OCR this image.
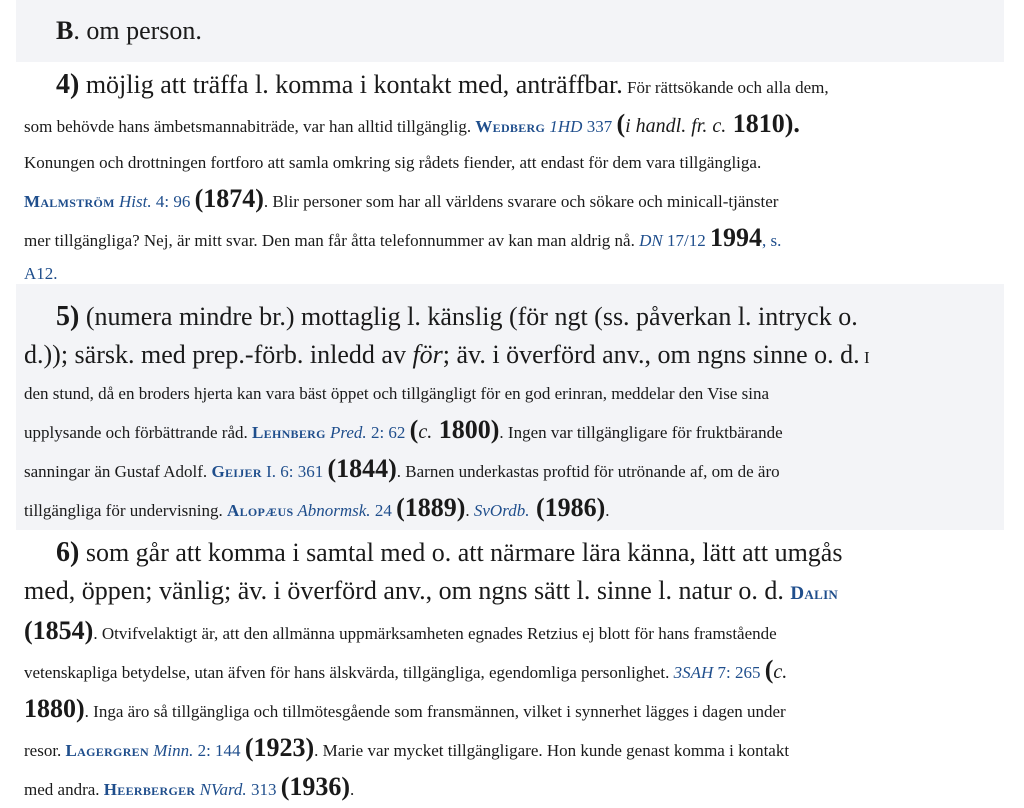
B. om person.
4) möjlig att träffa l. komma i kontakt med, anträffbar. För rättsökande och alla dem,
som behövde hans ämbetsmannabiträde, var han alltid tillgänglig. Wedberg 1HD 337 (i handl. fr. c. 1810).
Konungen och drottningen fortforo att samla omkring sig rådets fiender, att endast för dem vara tillgängliga.
Malmström Hist. 4: 96 (1874). Blir personer som har all världens svarare och sökare och minicall-tjänster
mer tillgängliga? Nej, är mitt svar. Den man får åtta telefonnummer av kan man aldrig nå. DN 17/12 1994, s.
A12.
5) (numera mindre br.) mottaglig l. känslig (för ngt (ss. påverkan l. intryck o.
d.)); särsk. med prep.-förb. inledd av för; äv. i överförd anv., om ngns sinne o. d. I
den stund, då en broders hjerta kan vara bäst öppet och tillgängligt för en god erinran, meddelar den Vise sina
upplysande och förbättrande råd. Lehnberg Pred. 2: 62 (c. 1800). Ingen var tillgängligare för fruktbärande
sanningar än Gustaf Adolf. Geijer I. 6: 361 (1844). Barnen underkastas proftid för utrönande af, om de äro
tillgängliga för undervisning. Alopæus Abnormsk. 24 (1889). SvOrdb. (1986).
6) som går att komma i samtal med o. att närmare lära känna, lätt att umgås
med, öppen; vänlig; äv. i överförd anv., om ngns sätt l. sinne l. natur o. d. Dalin
(1854). Otvifvelaktigt är, att den allmänna uppmärksamheten egnades Retzius ej blott för hans framstående
vetenskapliga betydelse, utan äfven för hans älskvärda, tillgängliga, egendomliga personlighet. 3SAH 7: 265 (c.
1880). Inga äro så tillgängliga och tillmötesgående som fransmännen, vilket i synnerhet lägges i dagen under
resor. Lagergren Minn. 2: 144 (1923). Marie var mycket tillgängligare. Hon kunde genast komma i kontakt
med andra. Heerberger NVard. 313 (1936).
